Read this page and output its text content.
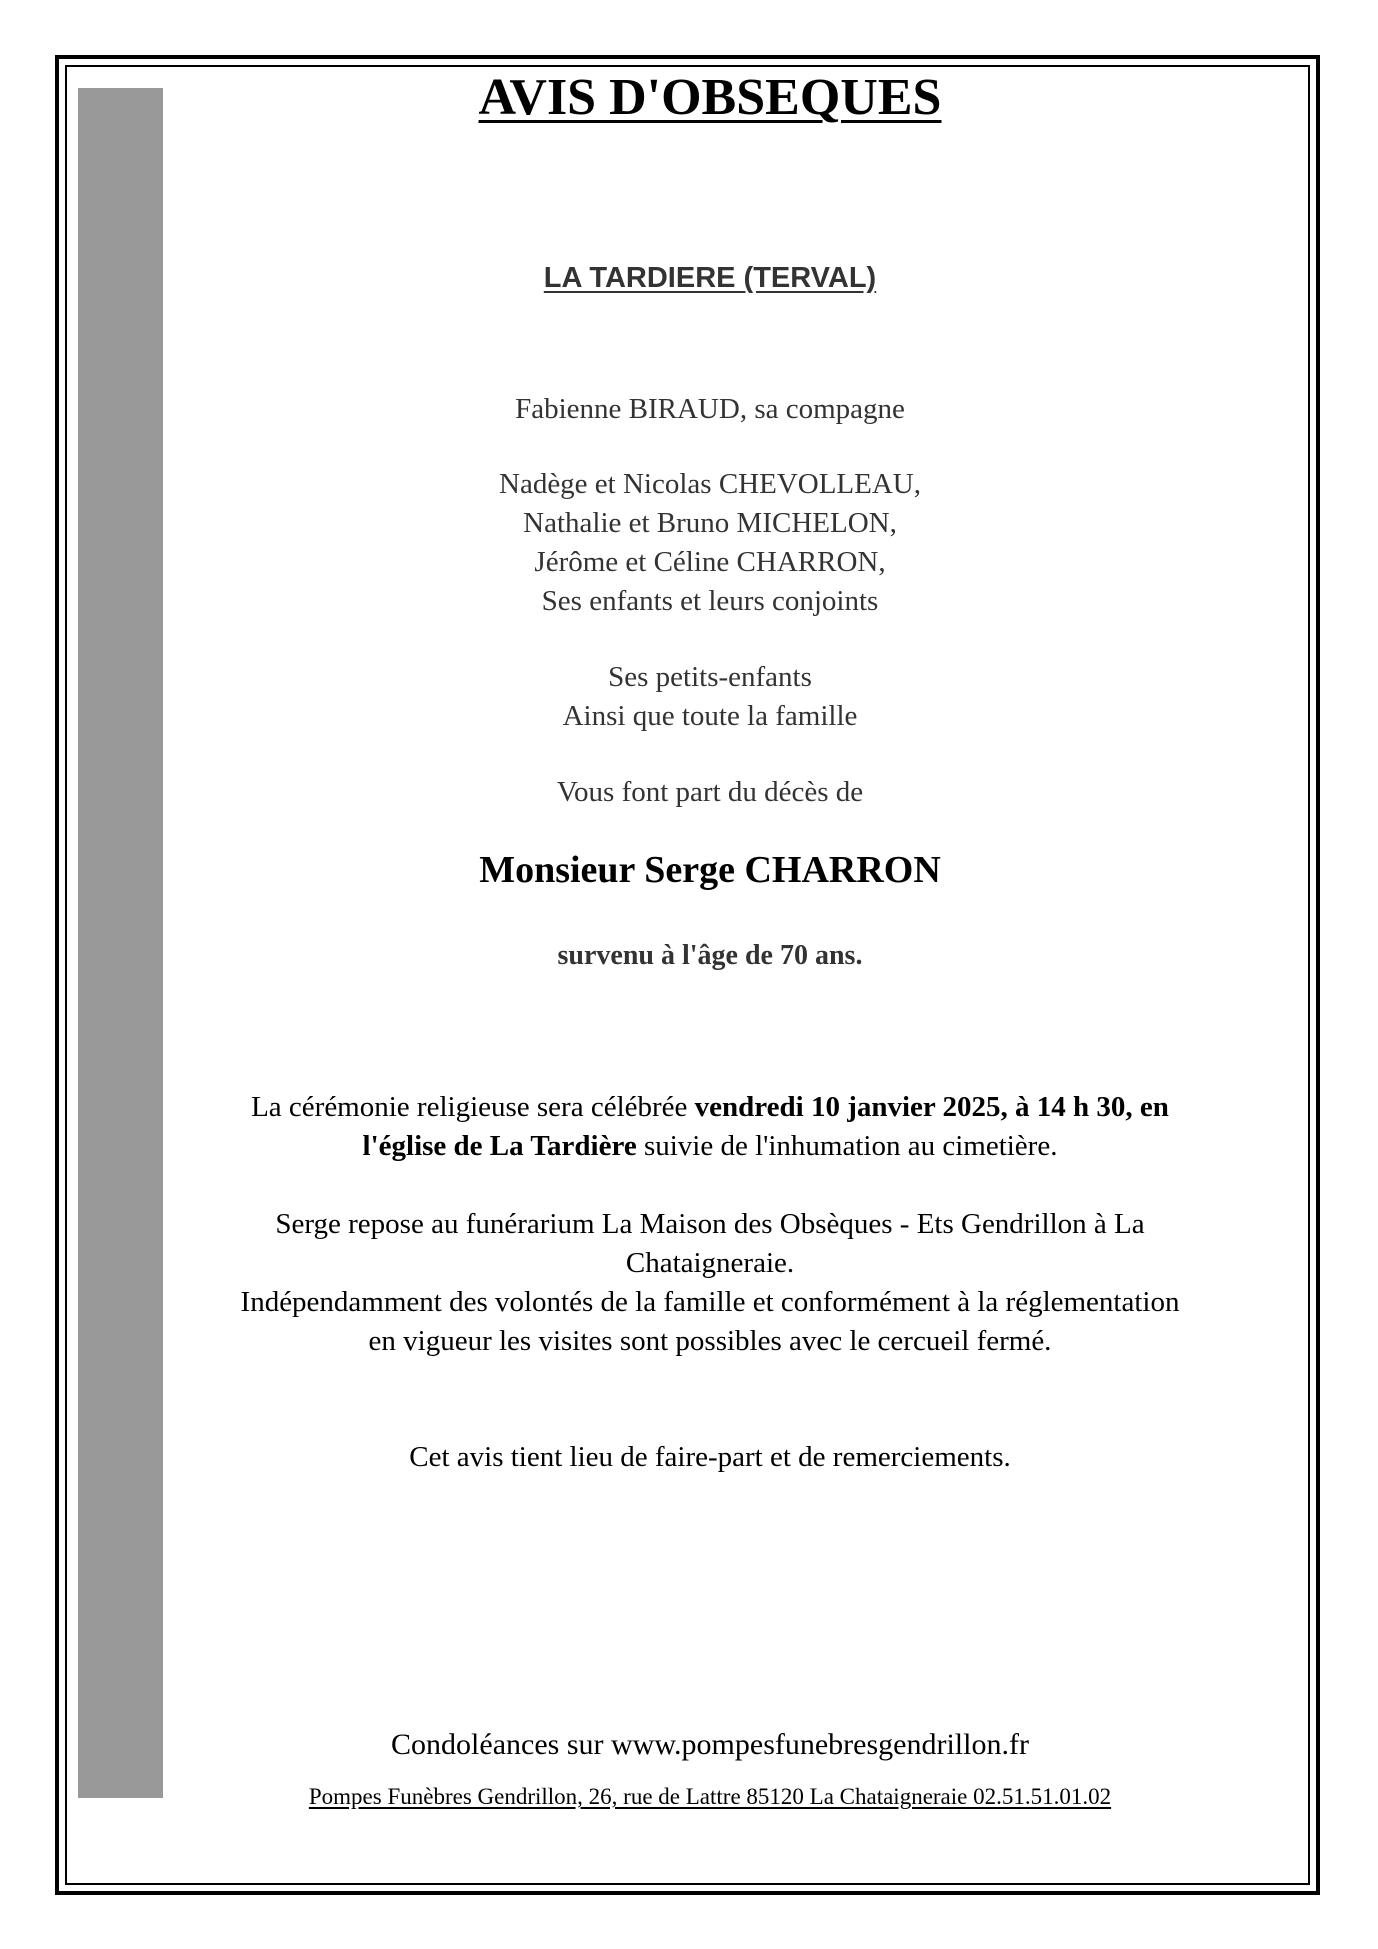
AVIS D'OBSEQUES
LA TARDIERE (TERVAL)
Fabienne BIRAUD, sa compagne
Nadège et Nicolas CHEVOLLEAU,
Nathalie et Bruno MICHELON,
Jérôme et Céline CHARRON,
Ses enfants et leurs conjoints
Ses petits-enfants
Ainsi que toute la famille
Vous font part du décès de
Monsieur Serge CHARRON
survenu à l'âge de 70 ans.
La cérémonie religieuse sera célébrée vendredi 10 janvier 2025, à 14 h 30, en
l'église de La Tardière suivie de l'inhumation au cimetière.
Serge repose au funérarium La Maison des Obsèques - Ets Gendrillon à La
Chataigneraie.
Indépendamment des volontés de la famille et conformément à la réglementation
en vigueur les visites sont possibles avec le cercueil fermé.
Cet avis tient lieu de faire-part et de remerciements.
Condoléances sur www.pompesfunebresgendrillon.fr
Pompes Funèbres Gendrillon, 26, rue de Lattre 85120 La Chataigneraie 02.51.51.01.02
